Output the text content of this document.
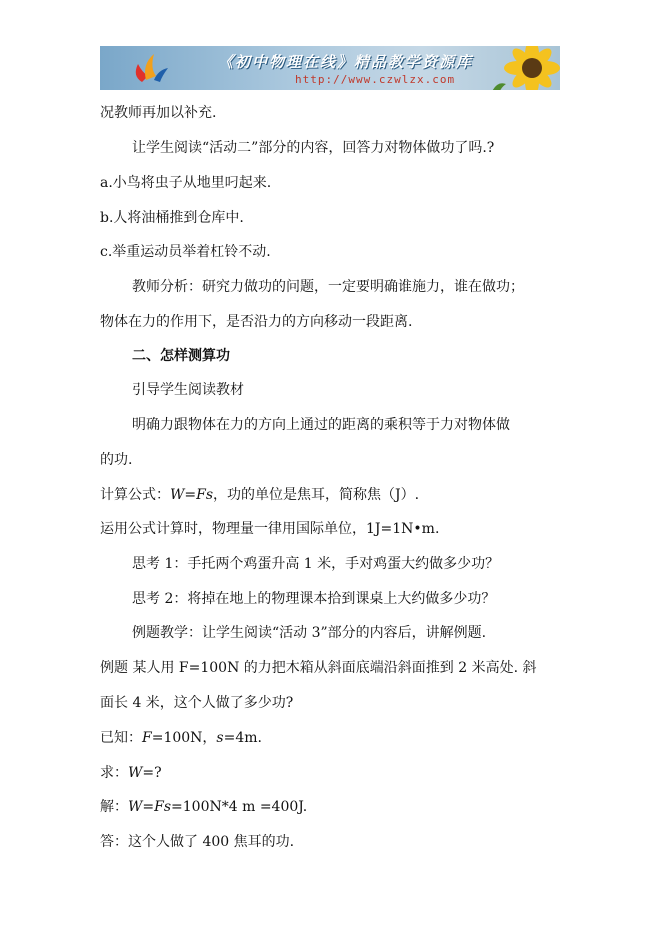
《初中物理在线》精品教学资源库
http://www.czwlzx.com
况教师再加以补充.
让学生阅读“活动二”部分的内容，回答力对物体做功了吗.?
a.小鸟将虫子从地里叼起来.
b.人将油桶推到仓库中.
c.举重运动员举着杠铃不动.
教师分析：研究力做功的问题，一定要明确谁施力，谁在做功；
物体在力的作用下，是否沿力的方向移动一段距离.
二、怎样测算功
引导学生阅读教材
明确力跟物体在力的方向上通过的距离的乘积等于力对物体做
的功.
计算公式：W=Fs，功的单位是焦耳，简称焦（J）.
运用公式计算时，物理量一律用国际单位，1J=1N•m.
思考 1：手托两个鸡蛋升高 1 米，手对鸡蛋大约做多少功？
思考 2：将掉在地上的物理课本拾到课桌上大约做多少功？
例题教学：让学生阅读“活动 3”部分的内容后，讲解例题.
例题 某人用 F=100N 的力把木箱从斜面底端沿斜面推到 2 米高处. 斜
面长 4 米，这个人做了多少功?
已知：F=100N，s=4m.
求：W=?
解：W=Fs=100N*4 m =400J.
答：这个人做了 400 焦耳的功.
